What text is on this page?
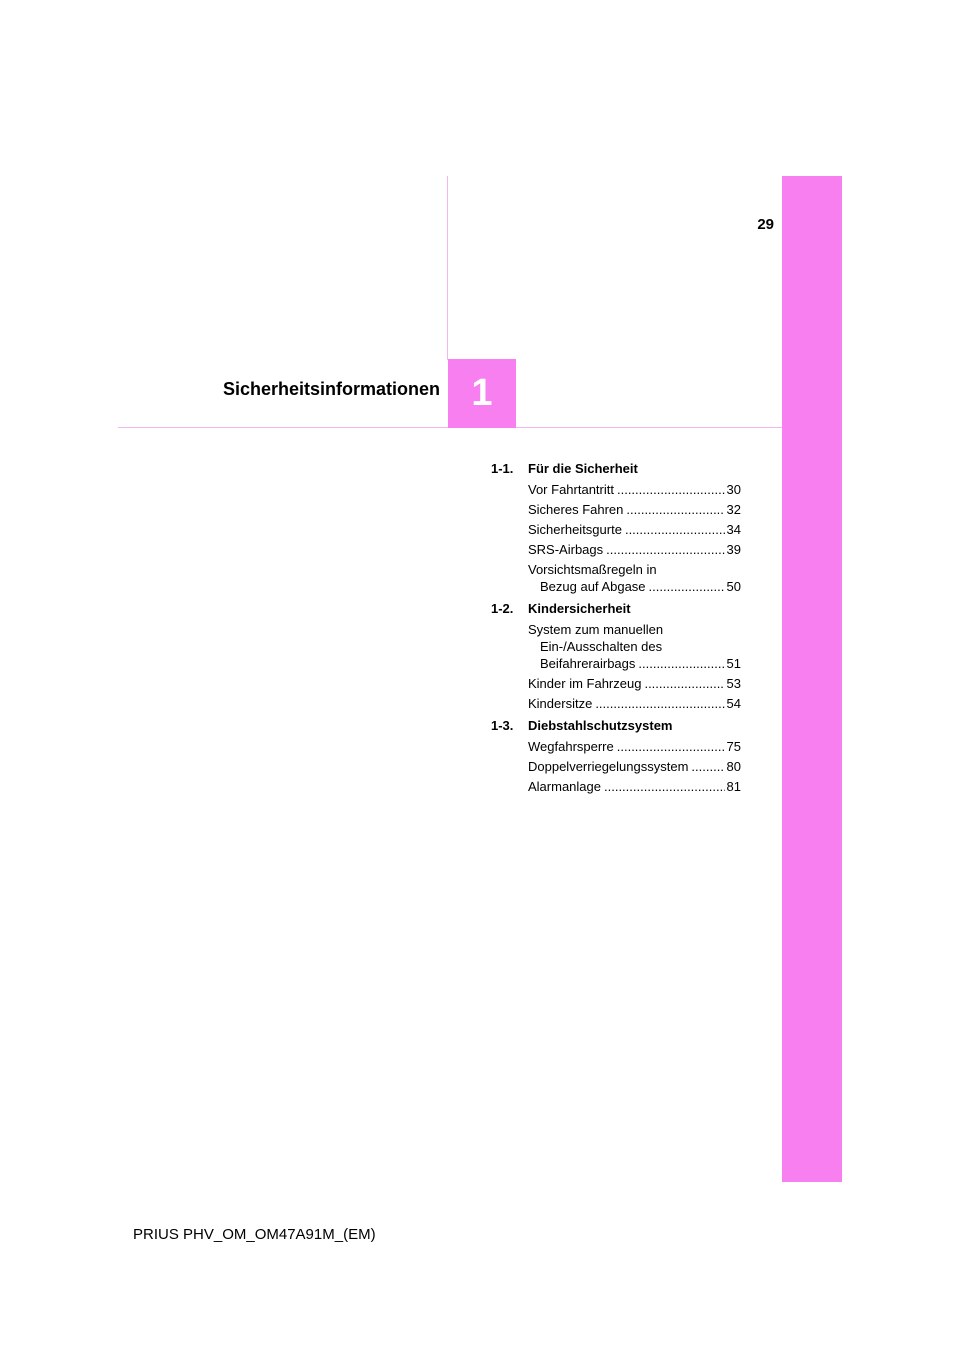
29
1
Sicherheitsinformationen
1-1. Für die Sicherheit
Vor Fahrtantritt .....	30
Sicheres Fahren .....	32
Sicherheitsgurte .....	34
SRS-Airbags .....	39
Vorsichtsmaßregeln in
Bezug auf Abgase .....	50
1-2. Kindersicherheit
System zum manuellen
Ein-/Ausschalten des
Beifahrerairbags .....	51
Kinder im Fahrzeug .....	53
Kindersitze .....	54
1-3. Diebstahlschutzsystem
Wegfahrsperre .....	75
Doppelverriegelungssystem .....	80
Alarmanlage .....	81
PRIUS PHV_OM_OM47A91M_(EM)
